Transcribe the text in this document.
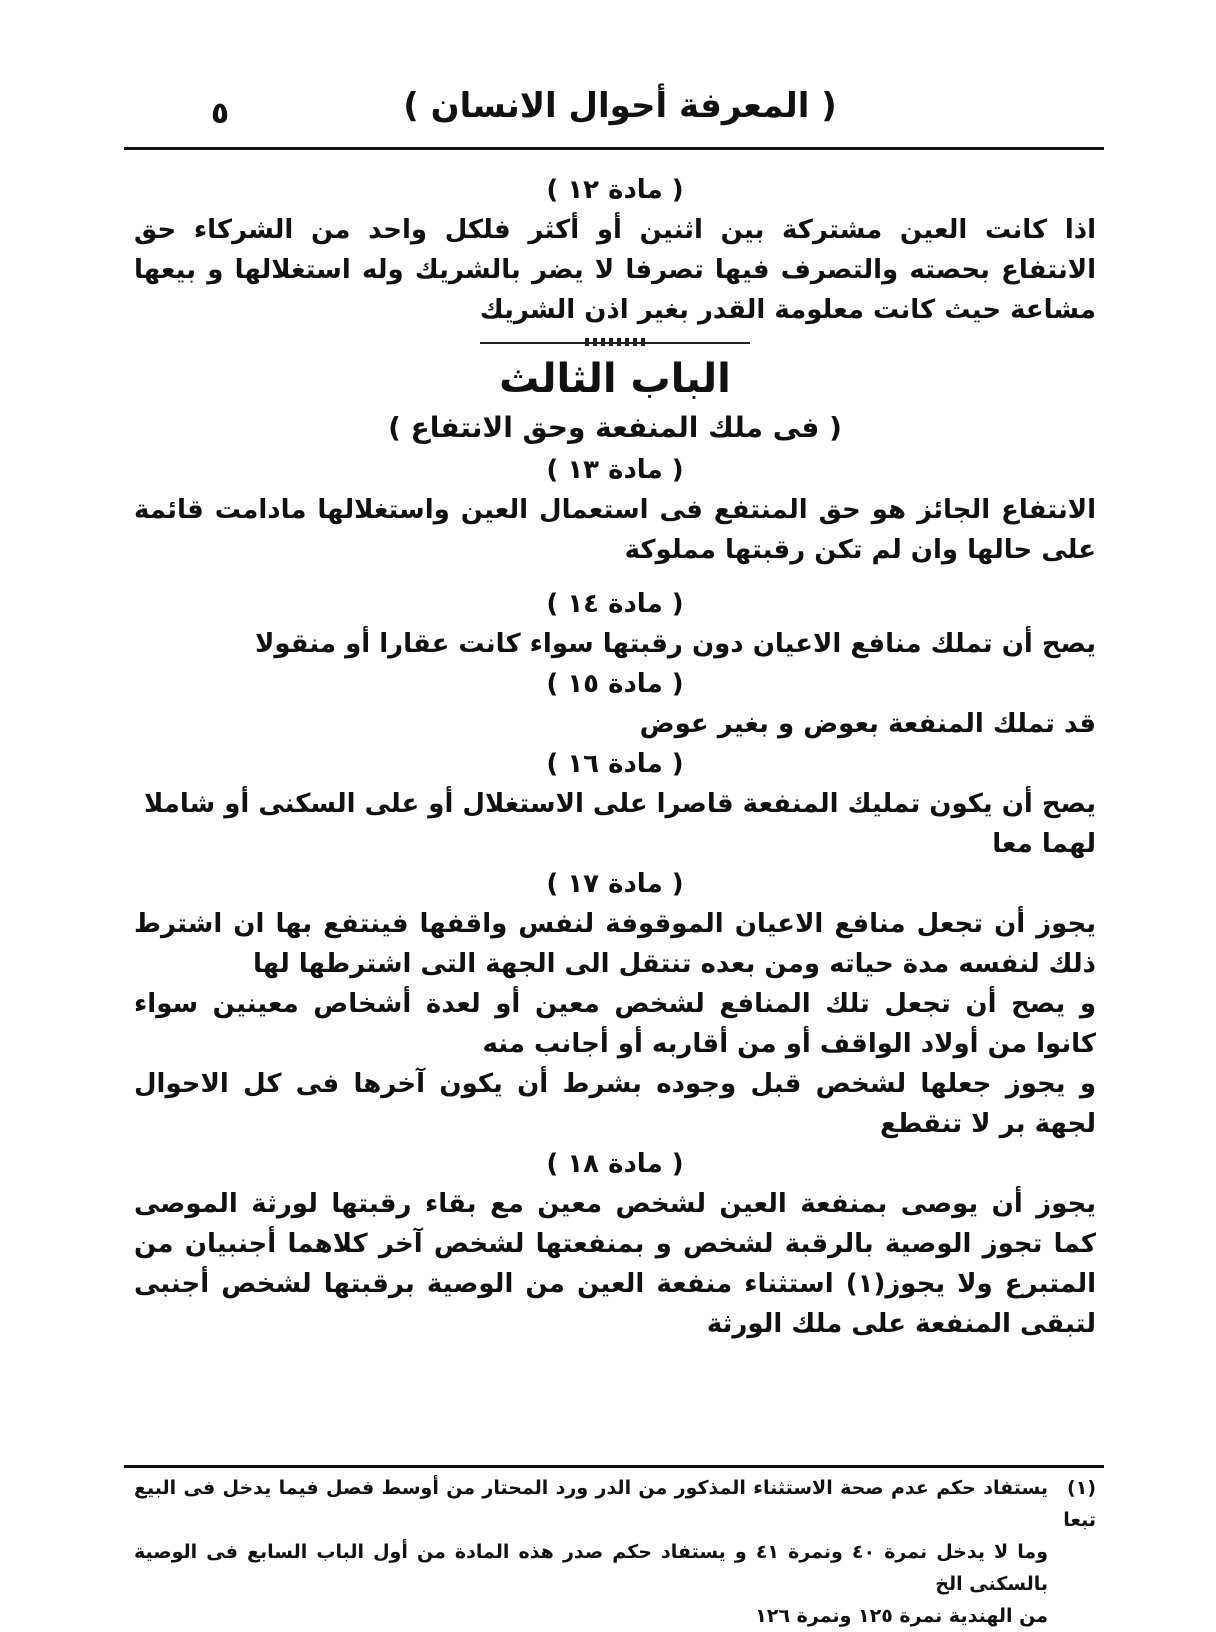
٥	( المعرفة أحوال الانسان )

( مادة ١٢ )

اذا كانت العين مشتركة بين اثنين أو أكثر فلكل واحد من الشركاء حق الانتفاع بحصته والتصرف فيها تصرفا لا يضر بالشريك وله استغلالها و بيعها مشاعة حيث كانت معلومة القدر بغير اذن الشريك

الباب الثالث

( فى ملك المنفعة وحق الانتفاع )

( مادة ١٣ )

الانتفاع الجائز هو حق المنتفع فى استعمال العين واستغلالها مادامت قائمة على حالها وان لم تكن رقبتها مملوكة

( مادة ١٤ )

يصح أن تملك منافع الاعيان دون رقبتها سواء كانت عقارا أو منقولا

( مادة ١٥ )

قد تملك المنفعة بعوض و بغير عوض

( مادة ١٦ )

يصح أن يكون تمليك المنفعة قاصرا على الاستغلال أو على السكنى أو شاملا لهما معا

( مادة ١٧ )

يجوز أن تجعل منافع الاعيان الموقوفة لنفس واقفها فينتفع بها ان اشترط ذلك لنفسه مدة حياته ومن بعده تنتقل الى الجهة التى اشترطها لها

و يصح أن تجعل تلك المنافع لشخص معين أو لعدة أشخاص معينين سواء كانوا من أولاد الواقف أو من أقاربه أو أجانب منه

و يجوز جعلها لشخص قبل وجوده بشرط أن يكون آخرها فى كل الاحوال لجهة بر لا تنقطع

( مادة ١٨ )

يجوز أن يوصى بمنفعة العين لشخص معين مع بقاء رقبتها لورثة الموصى كما تجوز الوصية بالرقبة لشخص و بمنفعتها لشخص آخر كلاهما أجنبيان من المتبرع ولا يجوز(١) استثناء منفعة العين من الوصية برقبتها لشخص أجنبى لتبقى المنفعة على ملك الورثة

(١)يستفاد حكم عدم صحة الاستثناء المذكور من الدر ورد المحتار من أوسط فصل فيما يدخل فى البيع تبعا

وما لا يدخل نمرة ٤٠ ونمرة ٤١ و يستفاد حكم صدر هذه المادة من أول الباب السابع فى الوصية بالسكنى الخ

من الهندية نمرة ١٢٥ ونمرة ١٢٦
